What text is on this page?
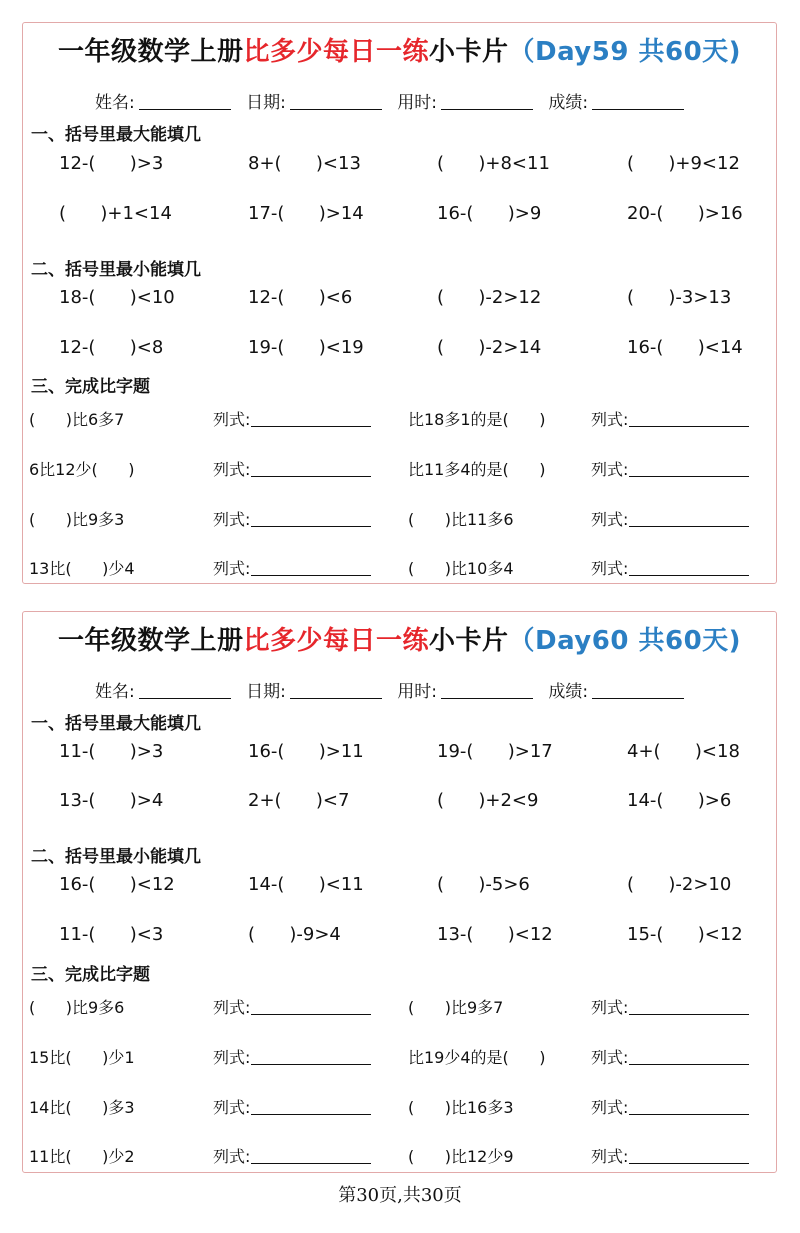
一年级数学上册比多少每日一练小卡片（Day59 共60天)
姓名:	日期:	用时:	成绩:
一、括号里最大能填几
12-(      )>3	8+(      )<13	(      )+8<11	(      )+9<12
(      )+1<14	17-(      )>14	16-(      )>9	20-(      )>16
二、括号里最小能填几
18-(      )<10	12-(      )<6	(      )-2>12	(      )-3>13
12-(      )<8	19-(      )<19	(      )-2>14	16-(      )<14
三、完成比字题
(      )比6多7	列式:	比18多1的是(      )	列式:
6比12少(      )	列式:	比11多4的是(      )	列式:
(      )比9多3	列式:	(      )比11多6	列式:
13比(      )少4	列式:	(      )比10多4	列式:
一年级数学上册比多少每日一练小卡片（Day60 共60天)
姓名:	日期:	用时:	成绩:
一、括号里最大能填几
11-(      )>3	16-(      )>11	19-(      )>17	4+(      )<18
13-(      )>4	2+(      )<7	(      )+2<9	14-(      )>6
二、括号里最小能填几
16-(      )<12	14-(      )<11	(      )-5>6	(      )-2>10
11-(      )<3	(      )-9>4	13-(      )<12	15-(      )<12
三、完成比字题
(      )比9多6	列式:	(      )比9多7	列式:
15比(      )少1	列式:	比19少4的是(      )	列式:
14比(      )多3	列式:	(      )比16多3	列式:
11比(      )少2	列式:	(      )比12少9	列式:
第30页,共30页
